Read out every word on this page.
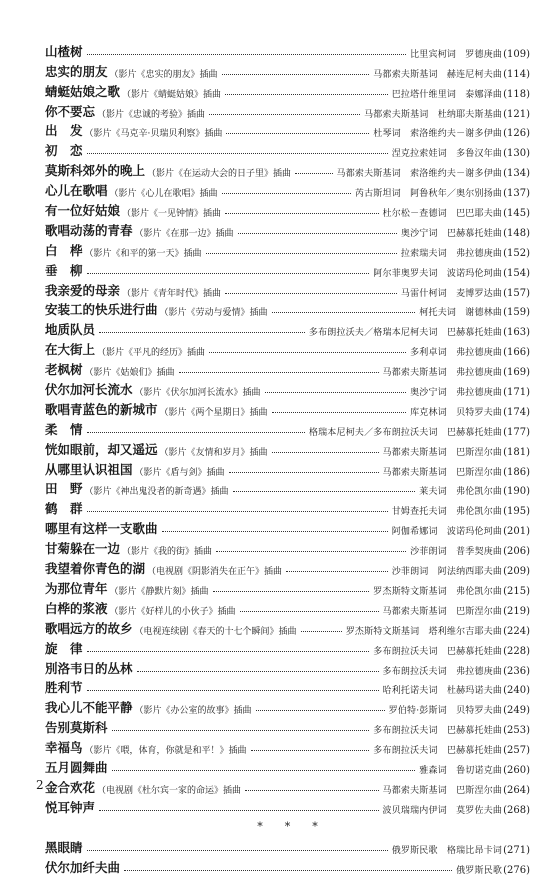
山楂树	比里宾柯词　罗德庚曲 (109)
忠实的朋友 （影片《忠实的朋友》插曲	马都索夫斯基词　赫连尼柯夫曲 (114)
蜻蜓姑娘之歌 （影片《蜻蜓姑娘》插曲	巴拉塔什维里词　泰娜泽曲 (118)
你不要忘 （影片《忠诚的考验》插曲	马都索夫斯基词　杜纳耶夫斯基曲 (121)
出　发 （影片《马克辛·贝瑞贝利察》插曲	杜琴词　索洛维约夫－谢多伊曲 (126)
初　恋	涅克拉索娃词　多鲁汉年曲 (130)
莫斯科郊外的晚上 （影片《在运动大会的日子里》插曲	马都索夫斯基词　索洛维约夫－谢多伊曲 (134)
心儿在歌唱 （影片《心儿在歌唱》插曲	芮古斯坦词　阿鲁秋年／奥尔别扬曲 (137)
有一位好姑娘 （影片《一见钟情》插曲	杜尔松－查德词　巴巴耶夫曲 (145)
歌唱动荡的青春 （影片《在那一边》插曲	奥沙宁词　巴赫慕托娃曲 (148)
白　桦 （影片《和平的第一天》插曲	拉索瑞夫词　弗拉德庚曲 (152)
垂　柳	阿尔菲奥罗夫词　波诺玛伦珂曲 (154)
我亲爱的母亲 （影片《青年时代》插曲	马雷什柯词　麦博罗达曲 (157)
安装工的快乐进行曲 （影片《劳动与爱情》插曲	柯托夫词　谢德林曲 (159)
地质队员	多布朗拉沃夫／格瑞本尼柯夫词　巴赫慕托娃曲 (163)
在大街上 （影片《平凡的经历》插曲	多利卓词　弗拉德庚曲 (166)
老枫树 （影片《姑娘们》插曲	马都索夫斯基词　弗拉德庚曲 (169)
伏尔加河长流水 （影片《伏尔加河长流水》插曲	奥沙宁词　弗拉德庚曲 (171)
歌唱青蓝色的新城市 （影片《两个星期日》插曲	库克林词　贝特罗夫曲 (174)
柔　情	格瑞本尼柯夫／多布朗拉沃夫词　巴赫慕托娃曲 (177)
恍如眼前，却又遥远 （影片《友情和岁月》插曲	马都索夫斯基词　巴斯涅尔曲 (181)
从哪里认识祖国 （影片《盾与剑》插曲	马都索夫斯基词　巴斯涅尔曲 (186)
田　野 （影片《神出鬼没者的新奇遇》插曲	莱夫词　弗伦凯尔曲 (190)
鹤　群	甘姆查托夫词　弗伦凯尔曲 (195)
哪里有这样一支歌曲	阿伽希娜词　波诺玛伦珂曲 (201)
甘菊躲在一边 （影片《我的街》插曲	沙菲朗词　普季契庚曲 (206)
我望着你青色的湖 （电视剧《阴影消失在正午》插曲	沙菲朗词　阿法纳西耶夫曲 (209)
为那位青年 （影片《静默片刻》插曲	罗杰斯特文斯基词　弗伦凯尔曲 (215)
白桦的浆液 （影片《好样儿的小伙子》插曲	马都索夫斯基词　巴斯涅尔曲 (219)
歌唱远方的故乡 （电视连续剧《春天的十七个瞬间》插曲	罗杰斯特文斯基词　塔利维尔吉耶夫曲 (224)
旋　律	多布朗拉沃夫词　巴赫慕托娃曲 (228)
別洛韦日的丛林	多布朗拉沃夫词　弗拉德庚曲 (236)
胜利节	哈利托诺夫词　杜赫玛诺夫曲 (240)
我心儿不能平静 （影片《办公室的故事》插曲	罗伯特·彭斯词　贝特罗夫曲 (249)
告别莫斯科	多布朗拉沃夫词　巴赫慕托娃曲 (253)
幸福鸟 （影片《喂，体育，你就是和平！》插曲	多布朗拉沃夫词　巴赫慕托娃曲 (257)
五月圆舞曲	雅森词　鲁切诺克曲 (260)
金合欢花 （电视剧《杜尔宾一家的命运》插曲	马都索夫斯基词　巴斯涅尔曲 (264)
悦耳钟声	波贝瑞瑞内伊词　莫罗佐夫曲 (268)
*　　*　　*
黑眼睛	俄罗斯民歌　格瑞比昂卡词 (271)
伏尔加纤夫曲	俄罗斯民歌 (276)
2
